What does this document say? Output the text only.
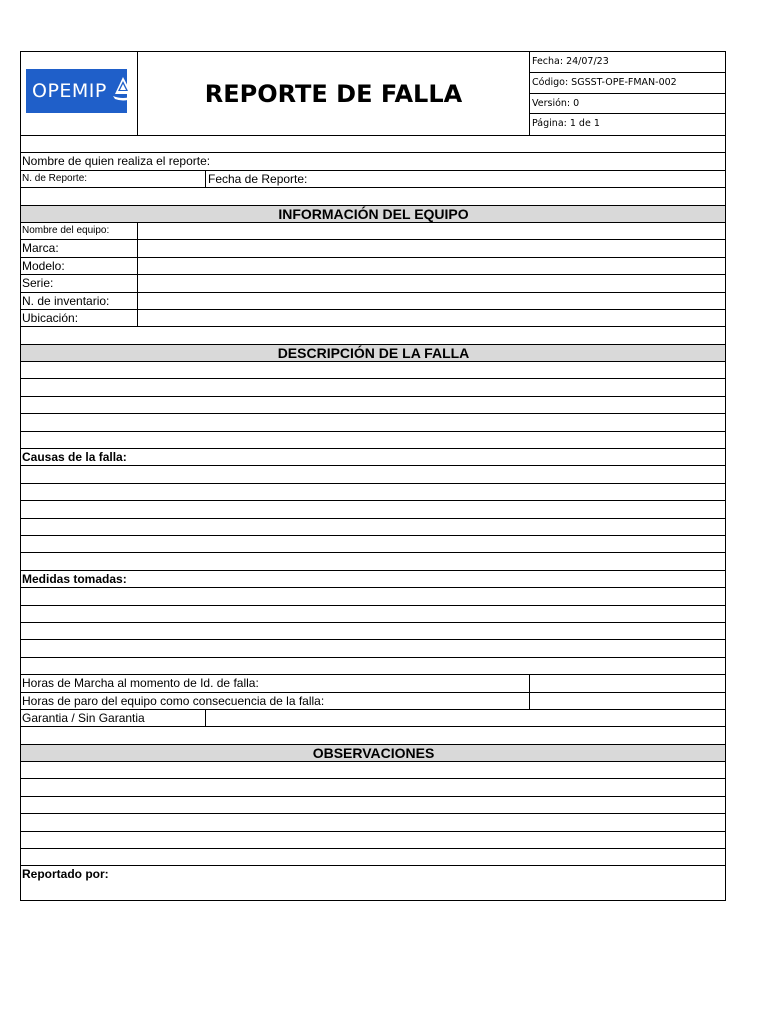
OPEMIP	REPORTE DE FALLA
Fecha: 24/07/23
Código: SGSST-OPE-FMAN-002
Versión: 0
Página: 1 de 1
Nombre de quien realiza el reporte:
N. de Reporte:	Fecha de Reporte:
INFORMACIÓN DEL EQUIPO
Nombre del equipo:
Marca:
Modelo:
Serie:
N. de inventario:
Ubicación:
DESCRIPCIÓN DE LA FALLA
Causas de la falla:
Medidas tomadas:
Horas de Marcha al momento de Id. de falla:
Horas de paro del equipo como consecuencia de la falla:
Garantia / Sin Garantia
OBSERVACIONES
Reportado por:
